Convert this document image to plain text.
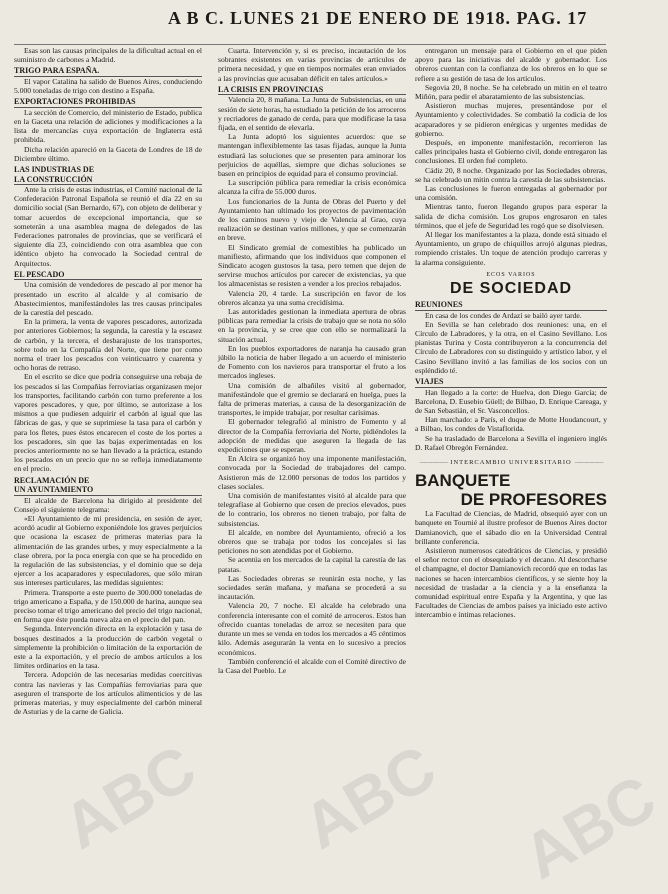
A B C. LUNES 21 DE ENERO DE 1918. PAG. 17

Esas son las causas principales de la dificultad actual en el suministro de carbones a Madrid.

TRIGO PARA ESPAÑA.

El vapor Catalina ha salido de Buenos Aires, conduciendo 5.000 toneladas de trigo con destino a España.

EXPORTACIONES PROHIBIDAS

La sección de Comercio, del ministerio de Estado, publica en la Gaceta una relación de adiciones y modificaciones a la lista de mercancías cuya exportación de Inglaterra está prohibida.

Dicha relación apareció en la Gaceta de Londres de 18 de Diciembre último.

LAS INDUSTRIAS DE
LA CONSTRUCCIÓN

Ante la crisis de estas industrias, el Comité nacional de la Confederación Patronal Española se reunió el día 22 en su domicilio social (San Bernardo, 67), con objeto de deliberar y tomar acuerdos de excepcional importancia, que se someterán a una asamblea magna de delegados de las Federaciones patronales de provincias, que se verificará el siguiente día 23, coincidiendo con otra asamblea que con idéntico objeto ha convocado la Sociedad central de Arquitectos.

EL PESCADO

Una comisión de vendedores de pescado al por menor ha presentado un escrito al alcalde y al comisario de Abastecimientos, manifestándoles las tres causas principales de la carestía del pescado.

En la primera, la venta de vapores pescadores, autorizada por anteriores Gobiernos; la segunda, la carestía y la escasez de carbón, y la tercera, el desbarajuste de los transportes, sobre todo en la Compañía del Norte, que tiene por como norma el traer los pescados con veinticuatro y cuarenta y ocho horas de retraso.

En el escrito se dice que podría conseguirse una rebaja de los pescados si las Compañías ferroviarias organizasen mejor los transportes, facilitando carbón con turno preferente a los vapores pescadores, y que, por último, se autorizase a los mismos a que pudiesen adquirir el carbón al igual que las fábricas de gas, y que se suprimiese la tasa para el carbón y para los fletes, pues éstos encarecen el coste de los portes a los pescadores, sin que las bajas experimentadas en los precios anteriormente no se han llevado a la práctica, estando los pescados en un precio que no se refleja inmediatamente en el precio.

RECLAMACIÓN DE
UN AYUNTAMIENTO

El alcalde de Barcelona ha dirigido al presidente del Consejo el siguiente telegrama:

«El Ayuntamiento de mi presidencia, en sesión de ayer, acordó acudir al Gobierno exponiéndole los graves perjuicios que ocasiona la escasez de primeras materias para la alimentación de las grandes urbes, y muy especialmente a la clase obrera, por la poca energía con que se ha procedido en la regulación de las subsistencias, y el dominio que se deja ejercer a los acaparadores y especuladores, que sólo miran sus intereses particulares, las medidas siguientes:

Primera. Transporte a este puerto de 300.000 toneladas de trigo americano a España, y de 150.000 de harina, aunque sea preciso tomar el trigo americano del precio del trigo nacional, en forma que éste pueda nueva alza en el precio del pan.

Segunda. Intervención directa en la explotación y tasa de bosques destinados a la producción de carbón vegetal o simplemente la prohibición o limitación de la exportación de este a la exportación, y el precio de ambos artículos a los límites ordinarios en la tasa.

Tercera. Adopción de las necesarias medidas coercitivas contra las navieras y las Compañías ferroviarias para que aseguren el transporte de los artículos alimenticios y de las primeras materias, y muy especialmente del carbón mineral de Asturias y de la carne de Galicia.

Cuarta. Intervención y, si es preciso, incautación de los sobrantes existentes en varias provincias de artículos de primera necesidad, y que en tiempos normales eran enviados a las provincias que acusaban déficit en tales artículos.»

LA CRISIS EN PROVINCIAS

Valencia 20, 8 mañana. La Junta de Subsistencias, en una sesión de siete horas, ha estudiado la petición de los arroceros y recriadores de ganado de cerda, para que modificase la tasa fijada, en el sentido de elevarla.

La Junta adoptó los siguientes acuerdos: que se mantengan inflexiblemente las tasas fijadas, aunque la Junta estudiará las soluciones que se presenten para aminorar los perjuicios de aquéllas, siempre que dichas soluciones se basen en principios de equidad para el consumo provincial.

La suscripción pública para remediar la crisis económica alcanza la cifra de 55.000 duros.

Los funcionarios de la Junta de Obras del Puerto y del Ayuntamiento han ultimado los proyectos de pavimentación de los caminos nuevo y viejo de Valencia al Grao, cuya realización se destinan varios millones, y que se comenzarán en breve.

El Sindicato gremial de comestibles ha publicado un manifiesto, afirmando que los individuos que componen el Sindicato acogen gustosos la tasa, pero temen que dejen de servirse muchos artículos por carecer de existencias, ya que los almacenistas se resisten a vender a los precios rebajados.

Valencia 20, 4 tarde. La suscripción en favor de los obreros alcanza ya una suma crecidísima.

Las autoridades gestionan la inmediata apertura de obras públicas para remediar la crisis de trabajo que se nota no sólo en la provincia, y se cree que con ello se normalizará la situación actual.

En los pueblos exportadores de naranja ha causado gran júbilo la noticia de haber llegado a un acuerdo el ministerio de Fomento con los navieros para transportar el fruto a los mercados ingleses.

Una comisión de albañiles visitó al gobernador, manifestándole que el gremio se declarará en huelga, pues la falta de primeras materias, a causa de la desorganización de transportes, le impide trabajar, por resultar carísimas.

El gobernador telegrafió al ministro de Fomento y al director de la Compañía ferroviaria del Norte, pidiéndoles la adopción de medidas que aseguren la llegada de las expediciones que se esperan.

En Alcira se organizó hoy una imponente manifestación, convocada por la Sociedad de trabajadores del campo. Asistieron más de 12.000 personas de todos los partidos y clases sociales.

Una comisión de manifestantes visitó al alcalde para que telegrafíase al Gobierno que cesen de precios elevados, pues de lo contrario, los obreros no tienen trabajo, por falta de subsistencias.

El alcalde, en nombre del Ayuntamiento, ofreció a los obreros que se trabaja por todos los concejales si las peticiones no son atendidas por el Gobierno.

Se acentúa en los mercados de la capital la carestía de las patatas.

Las Sociedades obreras se reunirán esta noche, y las sociedades serán mañana, y mañana se procederá a su incautación.

Valencia 20, 7 noche. El alcalde ha celebrado una conferencia interesante con el comité de arroceros. Estos han ofrecido cuantas toneladas de arroz se necesiten para que durante un mes se venda en todos los mercados a 45 céntimos kilo. Además asegurarán la venta en lo sucesivo a precios económicos.

También conferenció el alcalde con el Comité directivo de la Casa del Pueblo. Le

entregaron un mensaje para el Gobierno en el que piden apoyo para las iniciativas del alcalde y gobernador. Los obreros cuentan con la confianza de los obreros en lo que se refiere a su gestión de tasa de los artículos.

Segovia 20, 8 noche. Se ha celebrado un mitin en el teatro Miñón, para pedir el abaratamiento de las subsistencias.

Asistieron muchas mujeres, presentándose por el Ayuntamiento y colectividades. Se combatió la codicia de los acaparadores y se pidieron enérgicas y urgentes medidas de gobierno.

Después, en imponente manifestación, recorrieron las calles principales hasta el Gobierno civil, donde entregaron las conclusiones. El orden fué completo.

Cádiz 20, 8 noche. Organizado por las Sociedades obreras, se ha celebrado un mitin contra la carestía de las subsistencias.

Las conclusiones le fueron entregadas al gobernador por una comisión.

Mientras tanto, fueron llegando grupos para esperar la salida de dicha comisión. Los grupos engrosaron en tales términos, que el jefe de Seguridad les rogó que se disolviesen.

Al llegar los manifestantes a la plaza, donde está situado el Ayuntamiento, un grupo de chiquillos arrojó algunas piedras, rompiendo cristales. Un toque de atención produjo carreras y la alarma consiguiente.

ECOS VARIOS
DE SOCIEDAD
REUNIONES

En casa de los condes de Ardazí se bailó ayer tarde.

En Sevilla se han celebrado dos reuniones: una, en el Círculo de Labradores, y la otra, en el Casino Sevillano. Los pianistas Turina y Costa contribuyeron a la concurrencia del Círculo de Labradores con su distinguido y artístico labor, y el Casino Sevillano invitó a las familias de los socios con un espléndido té.

VIAJES

Han llegado a la corte: de Huelva, don Diego García; de Barcelona, D. Eusebio Güell; de Bilbao, D. Enrique Careaga, y de San Sebastián, el Sr. Vasconcellos.

Han marchado: a París, el duque de Motte Houdancourt, y a Bilbao, los condes de Vistaflorida.

Se ha trasladado de Barcelona a Sevilla el ingeniero inglés D. Rafael Obregón Fernández.

————— INTERCAMBIO UNIVERSITARIO —————
BANQUETE
DE PROFESORES

La Facultad de Ciencias, de Madrid, obsequió ayer con un banquete en Tournié al ilustre profesor de Buenos Aires doctor Damianovich, que el sábado dio en la Universidad Central brillante conferencia.

Asistieron numerosos catedráticos de Ciencias, y presidió el señor rector con el obsequiado y el decano. Al descorcharse el champagne, el doctor Damianovich recordó que en todas las naciones se hacen intercambios científicos, y se siente hoy la necesidad de trasladar a la ciencia y a la enseñanza la comunidad espiritual entre España y la Argentina, y que las Facultades de Ciencias de ambos países ya iniciado este activo intercambio e íntimas relaciones.

ABC ABC ABC
